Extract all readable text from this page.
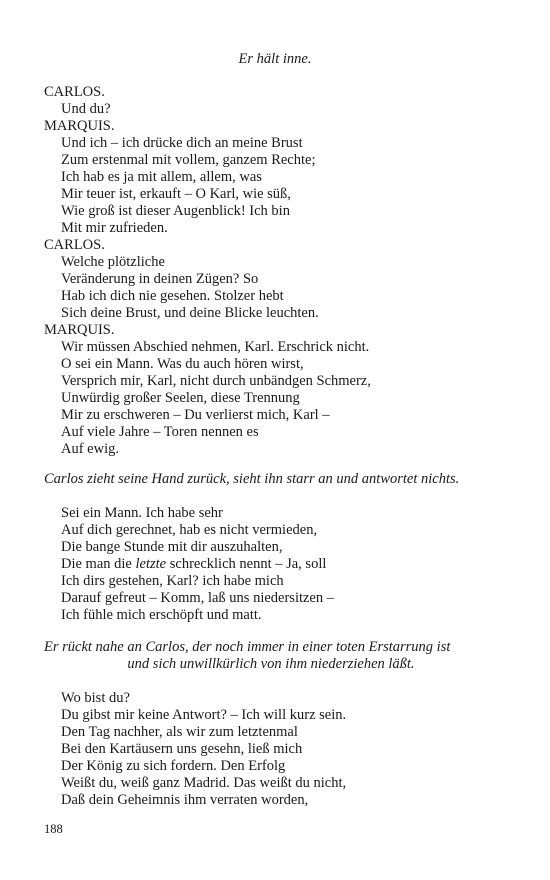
Er hält inne.
CARLOS.
Und du?
MARQUIS.
Und ich – ich drücke dich an meine Brust
Zum erstenmal mit vollem, ganzem Rechte;
Ich hab es ja mit allem, allem, was
Mir teuer ist, erkauft – O Karl, wie süß,
Wie groß ist dieser Augenblick! Ich bin
Mit mir zufrieden.
CARLOS.
Welche plötzliche
Veränderung in deinen Zügen? So
Hab ich dich nie gesehen. Stolzer hebt
Sich deine Brust, und deine Blicke leuchten.
MARQUIS.
Wir müssen Abschied nehmen, Karl. Erschrick nicht.
O sei ein Mann. Was du auch hören wirst,
Versprich mir, Karl, nicht durch unbändgen Schmerz,
Unwürdig großer Seelen, diese Trennung
Mir zu erschweren – Du verlierst mich, Karl –
Auf viele Jahre – Toren nennen es
Auf ewig.
Carlos zieht seine Hand zurück, sieht ihn starr an und antwortet nichts.
Sei ein Mann. Ich habe sehr
Auf dich gerechnet, hab es nicht vermieden,
Die bange Stunde mit dir auszuhalten,
Die man die letzte schrecklich nennt – Ja, soll
Ich dirs gestehen, Karl? ich habe mich
Darauf gefreut – Komm, laß uns niedersitzen –
Ich fühle mich erschöpft und matt.
Er rückt nahe an Carlos, der noch immer in einer toten Erstarrung ist
und sich unwillkürlich von ihm niederziehen läßt.
Wo bist du?
Du gibst mir keine Antwort? – Ich will kurz sein.
Den Tag nachher, als wir zum letztenmal
Bei den Kartäusern uns gesehn, ließ mich
Der König zu sich fordern. Den Erfolg
Weißt du, weiß ganz Madrid. Das weißt du nicht,
Daß dein Geheimnis ihm verraten worden,
188
